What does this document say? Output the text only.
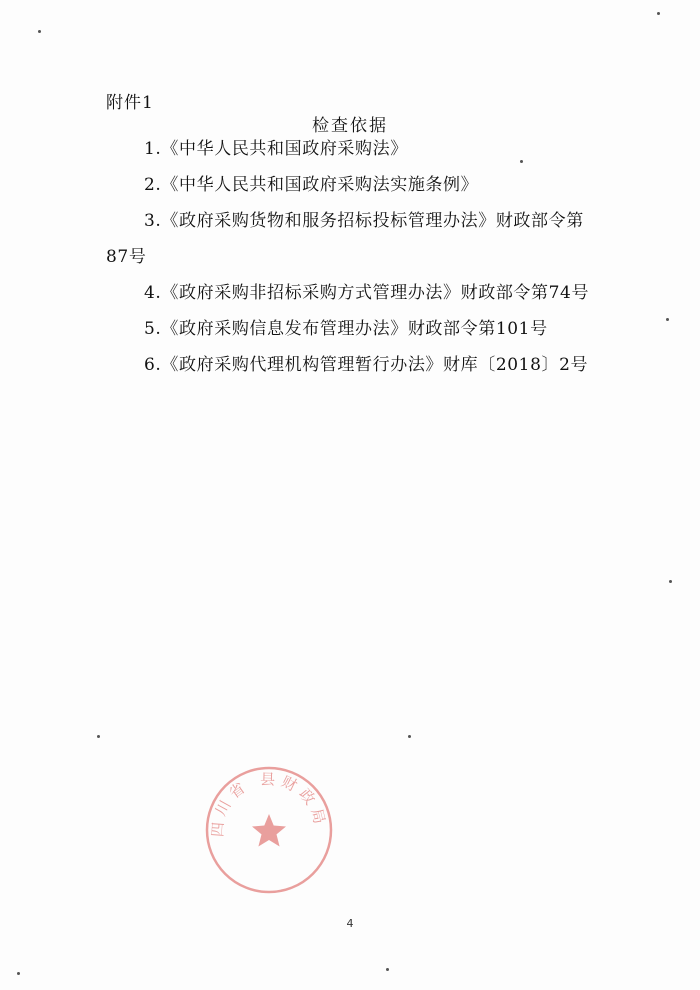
附件1
检查依据
1.《中华人民共和国政府采购法》
2.《中华人民共和国政府采购法实施条例》
3.《政府采购货物和服务招标投标管理办法》财政部令第
87号
4.《政府采购非招标采购方式管理办法》财政部令第74号
5.《政府采购信息发布管理办法》财政部令第101号
6.《政府采购代理机构管理暂行办法》财库〔2018〕2号
四川省 县财政局
4
